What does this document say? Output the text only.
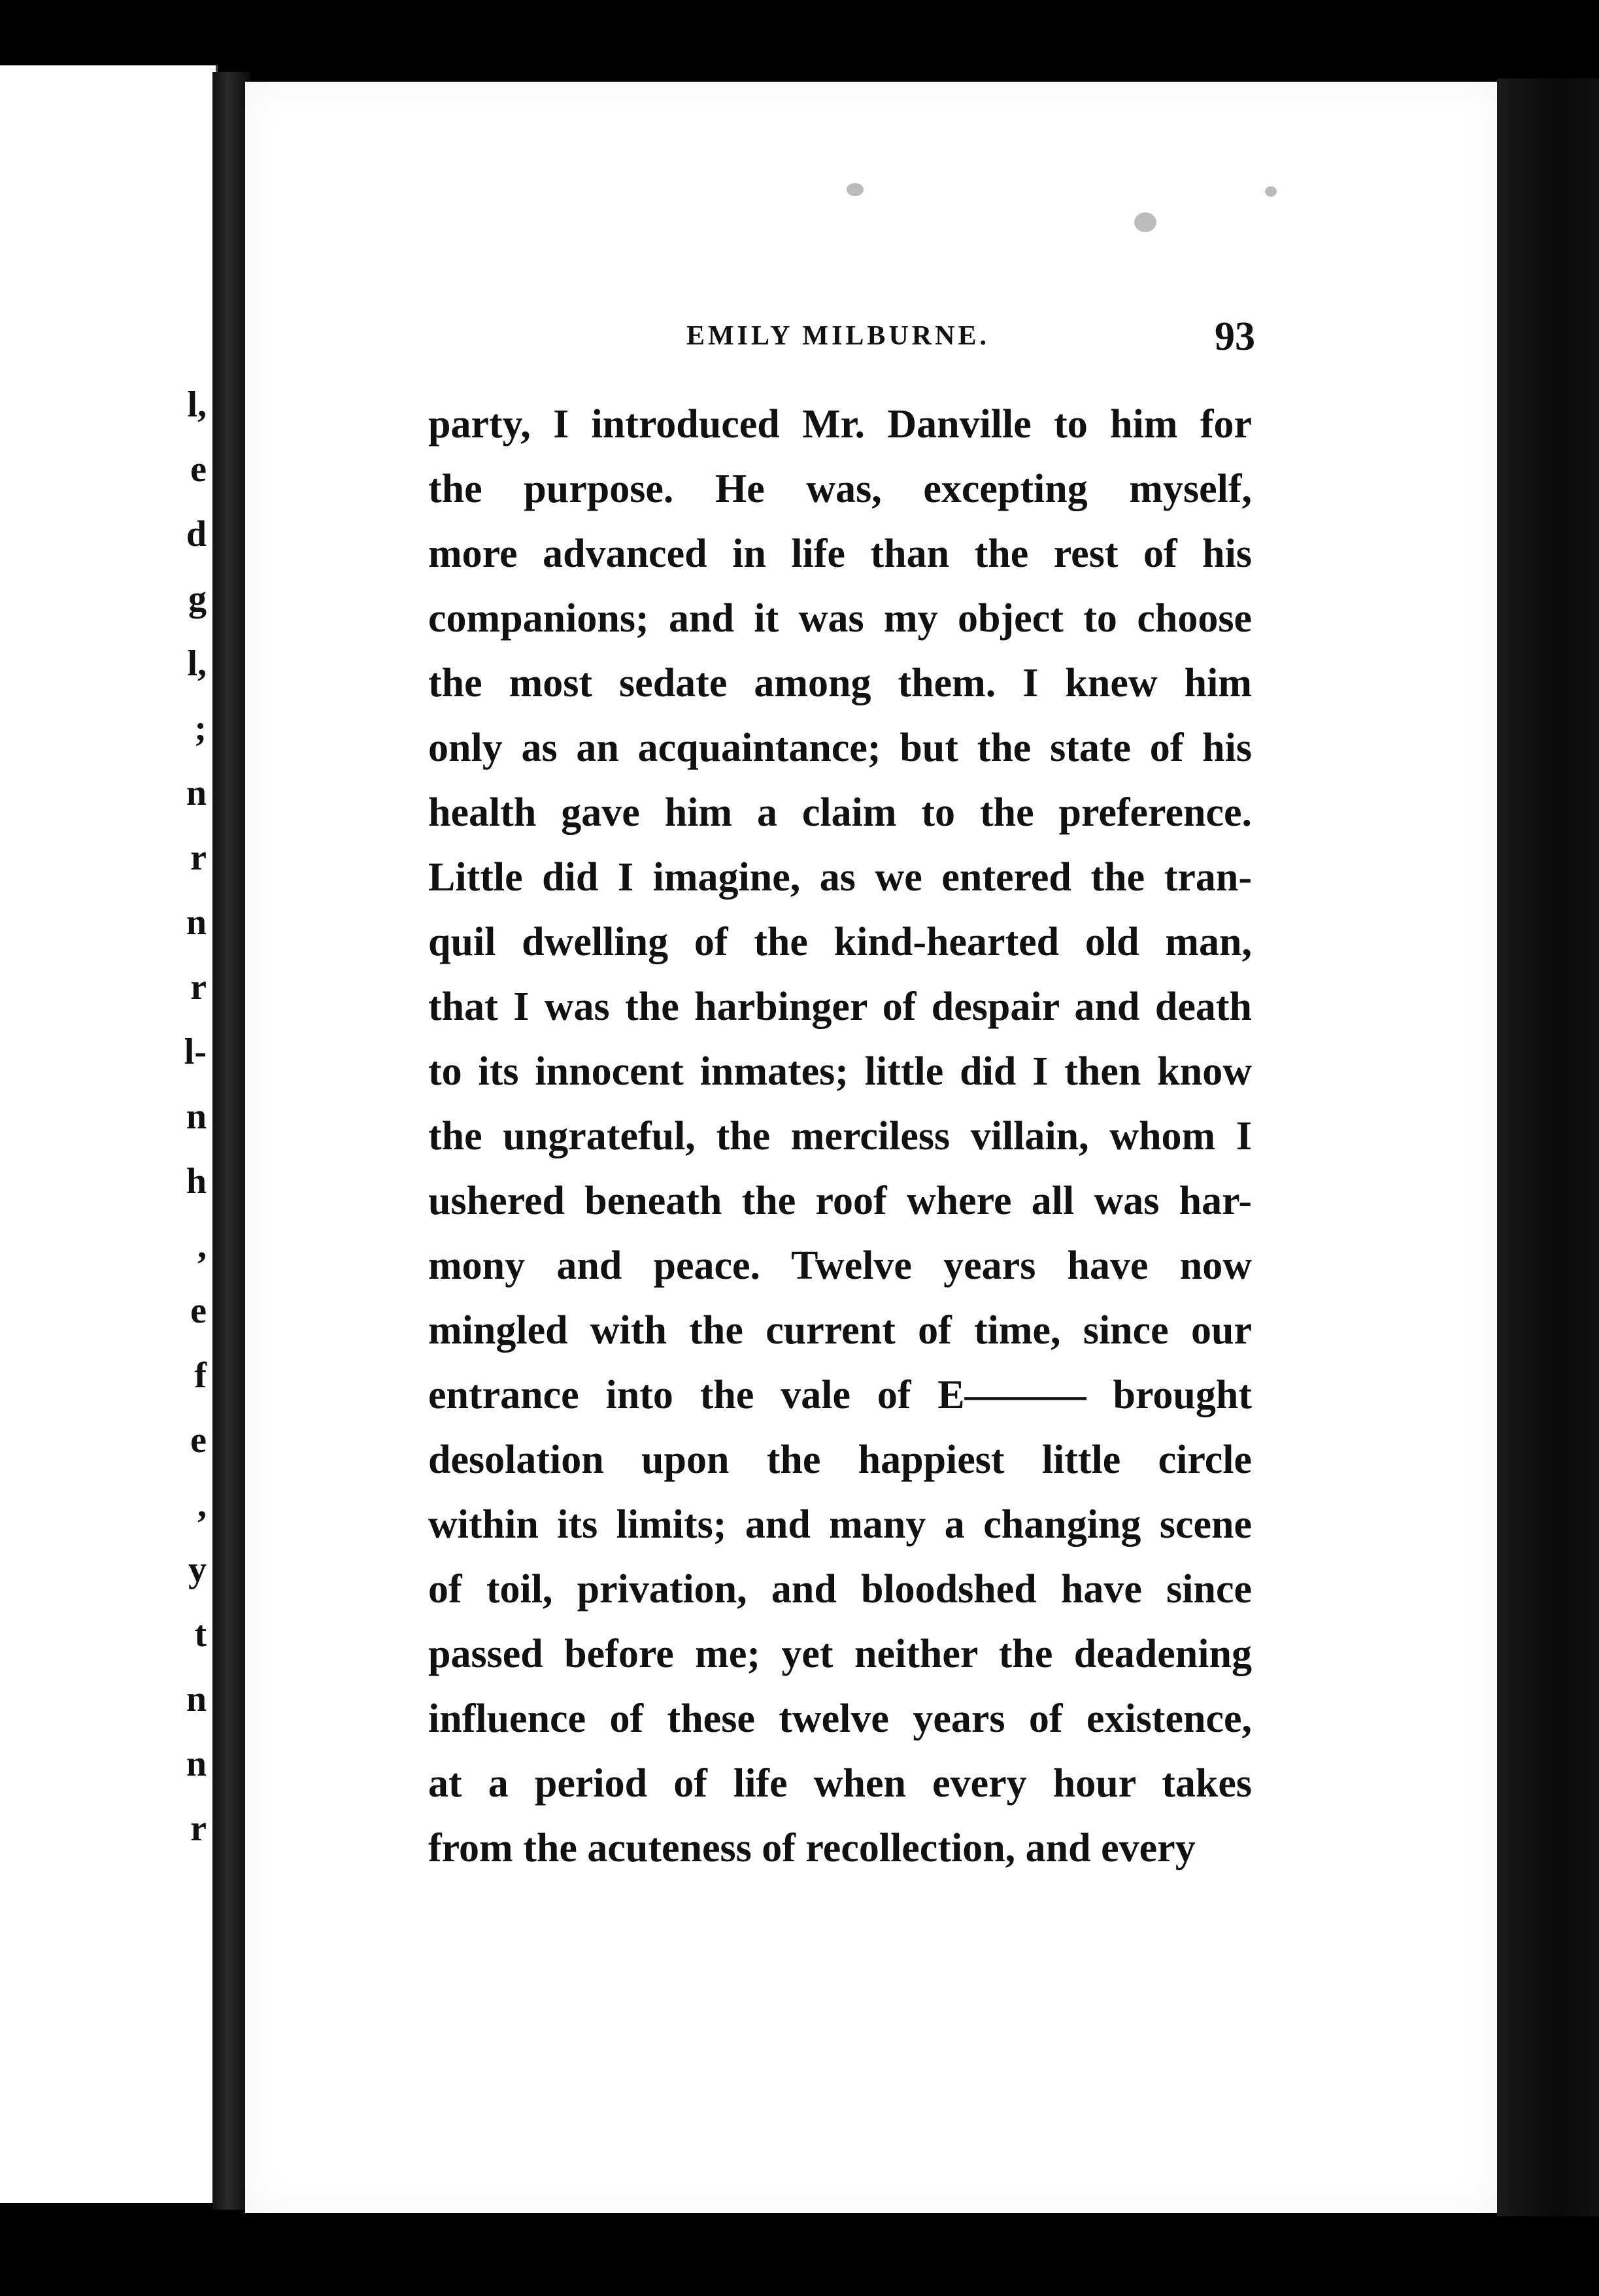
l,
e
d
g
l,
;
n
r
n
r
l-
n
h
,
e
f
e
,
y
t
n
n
r
EMILY MILBURNE.	93
party, I introduced Mr. Danville to him for
the purpose. He was, excepting myself,
more advanced in life than the rest of his
companions; and it was my object to choose
the most sedate among them. I knew him
only as an acquaintance; but the state of his
health gave him a claim to the preference.
Little did I imagine, as we entered the tran-
quil dwelling of the kind-hearted old man,
that I was the harbinger of despair and death
to its innocent inmates; little did I then know
the ungrateful, the merciless villain, whom I
ushered beneath the roof where all was har-
mony and peace. Twelve years have now
mingled with the current of time, since our
entrance into the vale of E——— brought
desolation upon the happiest little circle
within its limits; and many a changing scene
of toil, privation, and bloodshed have since
passed before me; yet neither the deadening
influence of these twelve years of existence,
at a period of life when every hour takes
from the acuteness of recollection, and every
